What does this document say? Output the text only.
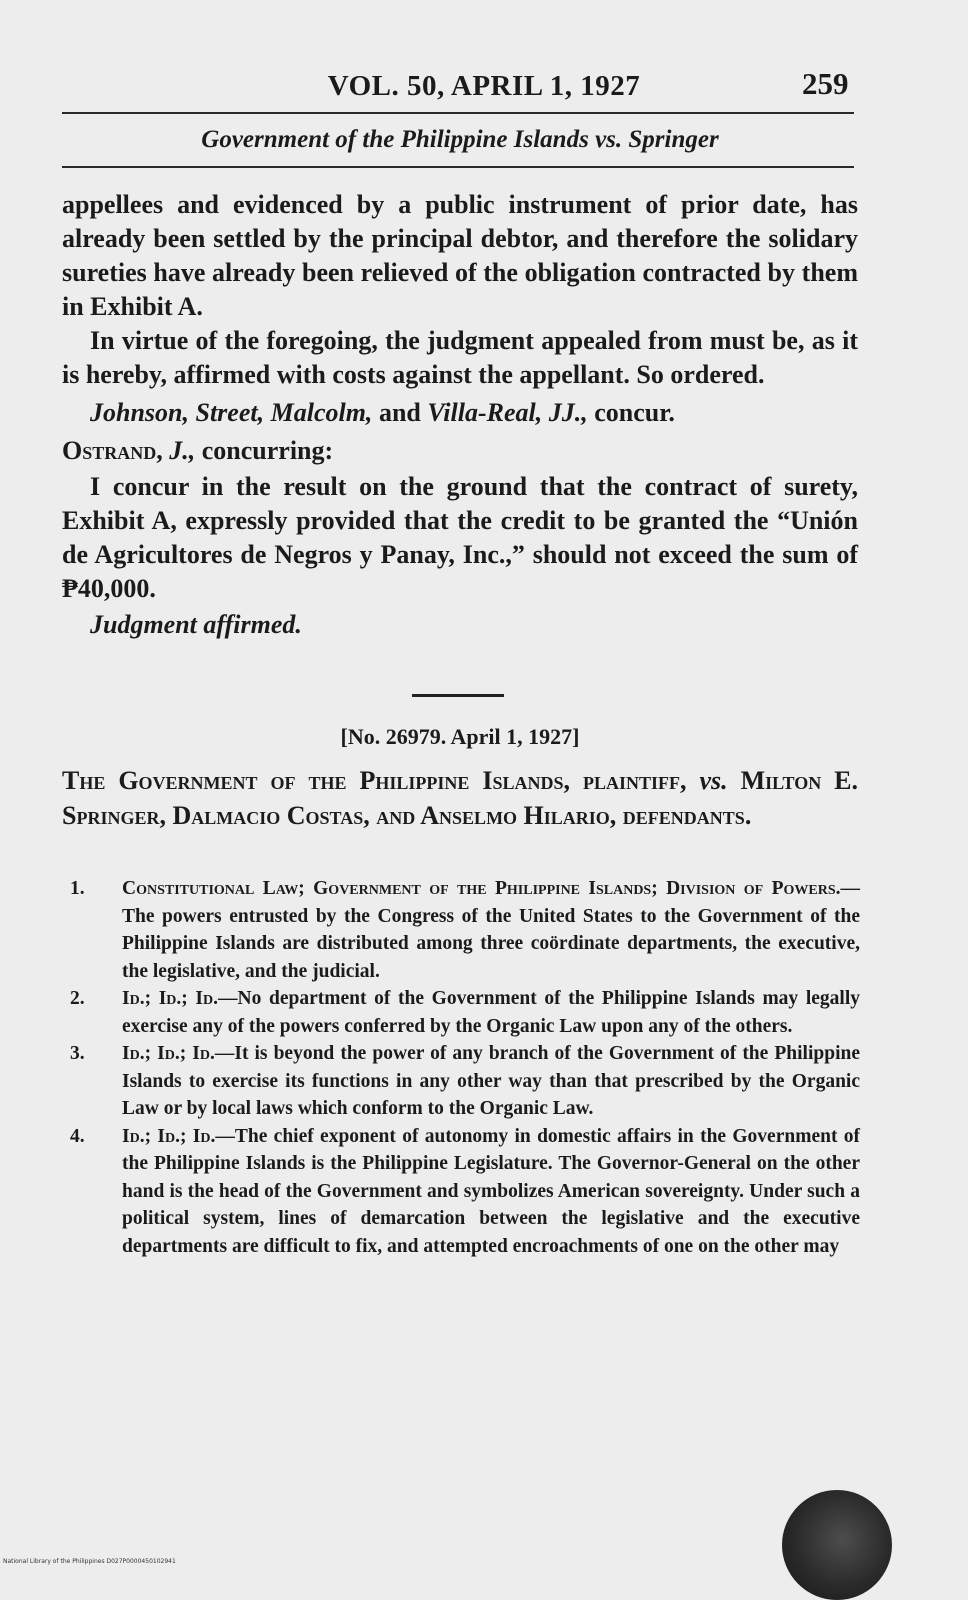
VOL. 50, APRIL 1, 1927	259
Government of the Philippine Islands vs. Springer

appellees and evidenced by a public instrument of prior date, has already been settled by the principal debtor, and therefore the solidary sureties have already been relieved of the obligation contracted by them in Exhibit A.

In virtue of the foregoing, the judgment appealed from must be, as it is hereby, affirmed with costs against the appellant. So ordered.

Johnson, Street, Malcolm, and Villa-Real, JJ., concur.

Ostrand, J., concurring:

I concur in the result on the ground that the contract of surety, Exhibit A, expressly provided that the credit to be granted the “Unión de Agricultores de Negros y Panay, Inc.,” should not exceed the sum of ₱40,000.

Judgment affirmed.

[No. 26979. April 1, 1927]
The Government of the Philippine Islands, plaintiff, vs. Milton E. Springer, Dalmacio Costas, and Anselmo Hilario, defendants.
1.	Constitutional Law; Government of the Philippine Islands; Division of Powers.—The powers entrusted by the Congress of the United States to the Government of the Philippine Islands are distributed among three coördinate departments, the executive, the legislative, and the judicial.
2.	Id.; Id.; Id.—No department of the Government of the Philippine Islands may legally exercise any of the powers conferred by the Organic Law upon any of the others.
3.	Id.; Id.; Id.—It is beyond the power of any branch of the Government of the Philippine Islands to exercise its functions in any other way than that prescribed by the Organic Law or by local laws which conform to the Organic Law.
4.	Id.; Id.; Id.—The chief exponent of autonomy in domestic affairs in the Government of the Philippine Islands is the Philippine Legislature. The Governor-General on the other hand is the head of the Government and symbolizes American sovereignty. Under such a political system, lines of demarcation between the legislative and the executive departments are difficult to fix, and attempted encroachments of one on the other may
National Library of the Philippines D027P0000450102941
